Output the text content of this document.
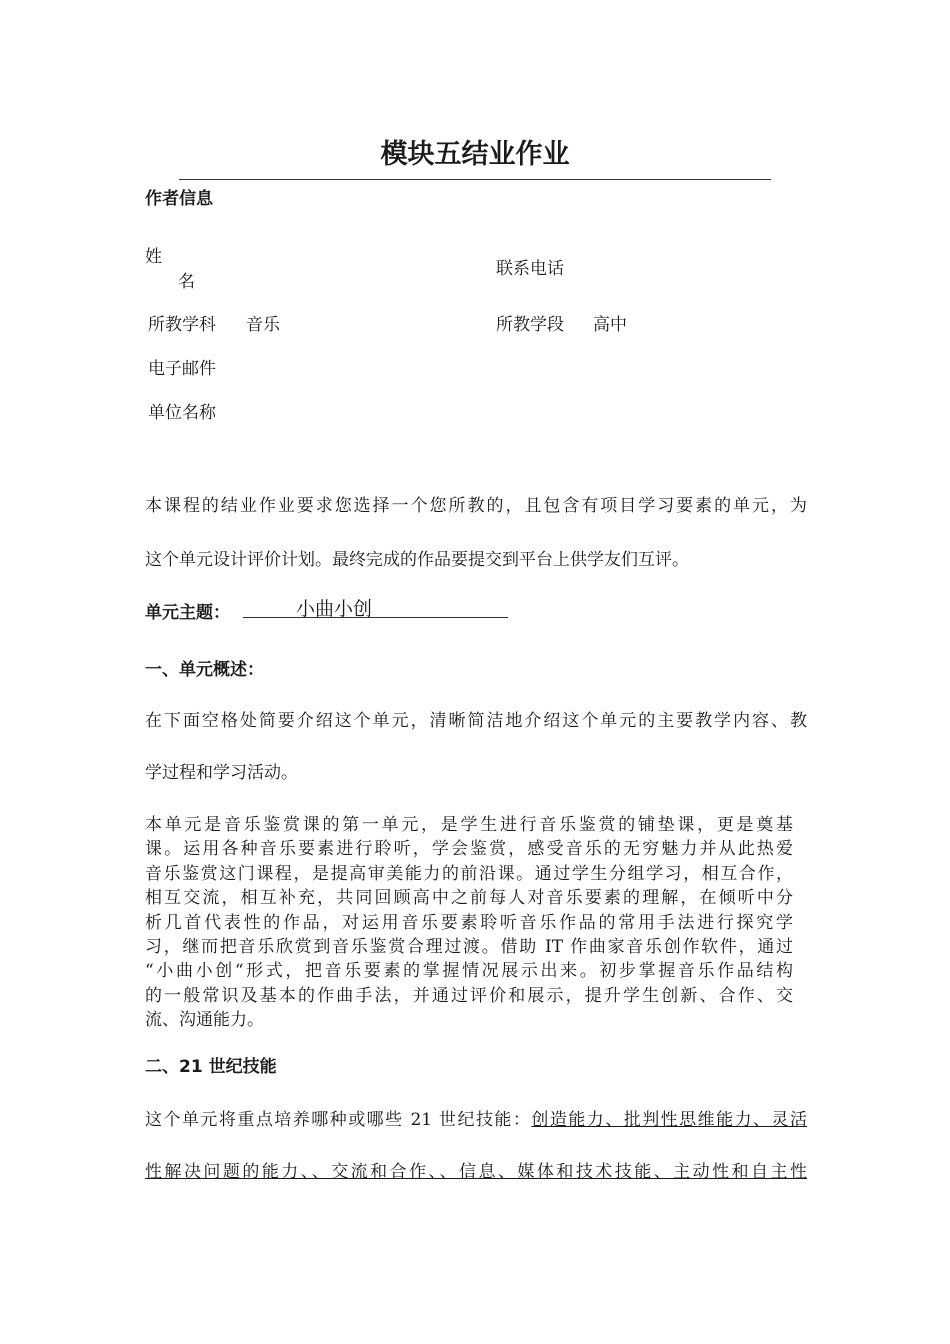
模块五结业作业
作者信息
姓
名
联系电话
所教学科 音乐	所教学段 高中
电子邮件
单位名称
本课程的结业作业要求您选择一个您所教的，且包含有项目学习要素的单元，为
这个单元设计评价计划。最终完成的作品要提交到平台上供学友们互评。
单元主题：	小曲小创
一、单元概述：
在下面空格处简要介绍这个单元，清晰简洁地介绍这个单元的主要教学内容、教
学过程和学习活动。
本单元是音乐鉴赏课的第一单元，是学生进行音乐鉴赏的铺垫课，更是奠基
课。运用各种音乐要素进行聆听，学会鉴赏，感受音乐的无穷魅力并从此热爱
音乐鉴赏这门课程，是提高审美能力的前沿课。通过学生分组学习，相互合作，
相互交流，相互补充，共同回顾高中之前每人对音乐要素的理解，在倾听中分
析几首代表性的作品，对运用音乐要素聆听音乐作品的常用手法进行探究学
习，继而把音乐欣赏到音乐鉴赏合理过渡。借助 IT 作曲家音乐创作软件，通过
“小曲小创“形式，把音乐要素的掌握情况展示出来。初步掌握音乐作品结构
的一般常识及基本的作曲手法，并通过评价和展示，提升学生创新、合作、交
流、沟通能力。
二、21 世纪技能
这个单元将重点培养哪种或哪些 21 世纪技能：创造能力、批判性思维能力、灵活
性解决问题的能力、、交流和合作、、信息、媒体和技术技能、主动性和自主性
